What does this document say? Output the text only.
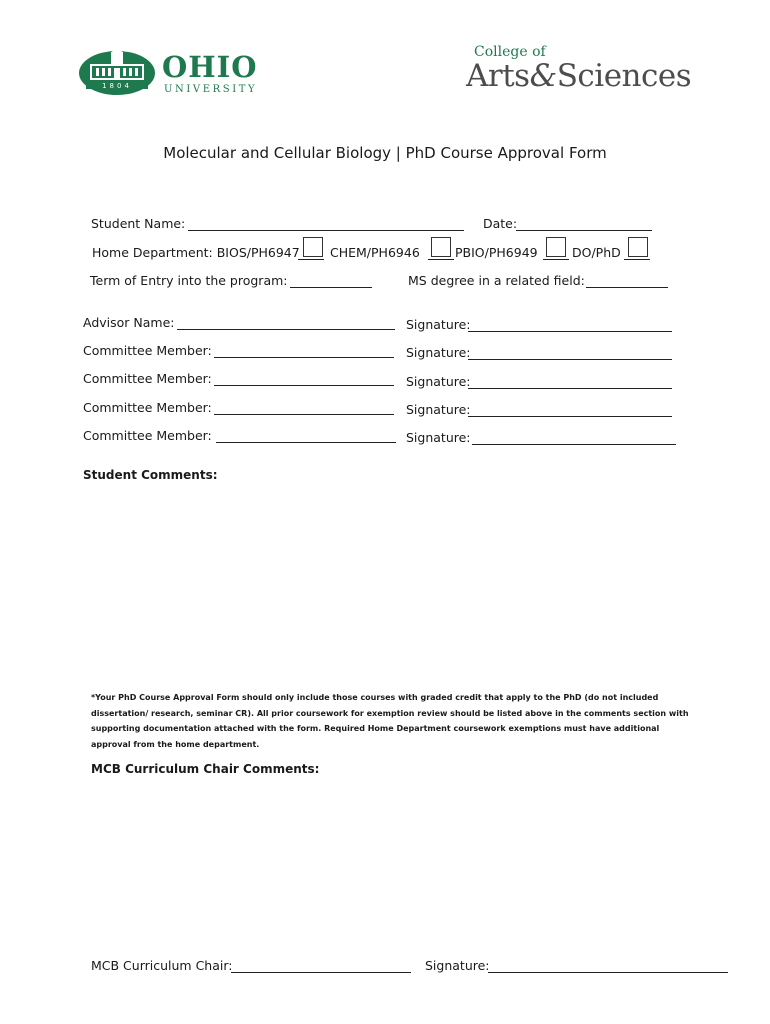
1804
OHIO
UNIVERSITY
College of
Arts&Sciences
Molecular and Cellular Biology | PhD Course Approval Form
Student Name:	Date:
Home Department: BIOS/PH6947 CHEM/PH6946	PBIO/PH6949	DO/PhD
Term of Entry into the program:	MS degree in a related field:
Advisor Name:	Signature:
Committee Member:	Signature:
Committee Member:	Signature:
Committee Member:	Signature:
Committee Member:	Signature:
Student Comments:
*Your PhD Course Approval Form should only include those courses with graded credit that apply to the PhD (do not included dissertation/ research, seminar CR). All prior coursework for exemption review should be listed above in the comments section with supporting documentation attached with the form. Required Home Department coursework exemptions must have additional approval from the home department.
MCB Curriculum Chair Comments:
MCB Curriculum Chair:	Signature:
